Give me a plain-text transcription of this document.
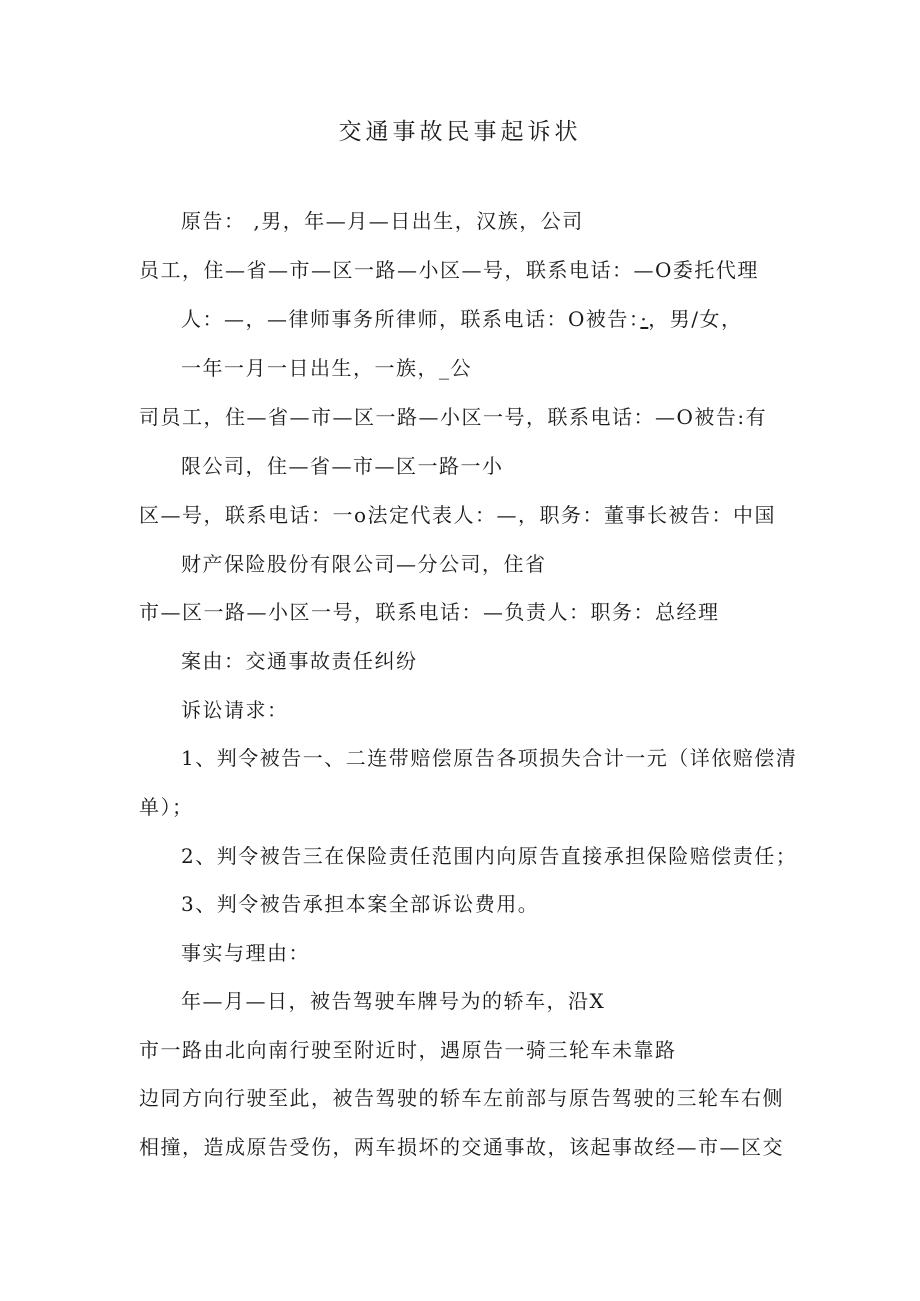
交通事故民事起诉状
原告： ,男，年—月—日出生，汉族，公司
员工，住—省—市—区一路—小区—号，联系电话：—O委托代理
人：—，—律师事务所律师，联系电话：O被告：·，男/女，
一年一月一日出生，一族，_公
司员工，住—省—市—区一路—小区一号，联系电话：—O被告:有
限公司，住—省—市—区一路一小
区—号，联系电话：一o法定代表人：—，职务：董事长被告：中国
财产保险股份有限公司—分公司，住省
市—区一路—小区一号，联系电话：—负责人：职务：总经理
案由：交通事故责任纠纷
诉讼请求：
1、判令被告一、二连带赔偿原告各项损失合计一元（详依赔偿清
单）；
2、判令被告三在保险责任范围内向原告直接承担保险赔偿责任；
3、判令被告承担本案全部诉讼费用。
事实与理由：
年—月—日，被告驾驶车牌号为的轿车，沿X
市一路由北向南行驶至附近时，遇原告一骑三轮车未靠路
边同方向行驶至此，被告驾驶的轿车左前部与原告驾驶的三轮车右侧
相撞，造成原告受伤，两车损坏的交通事故，该起事故经—市—区交
